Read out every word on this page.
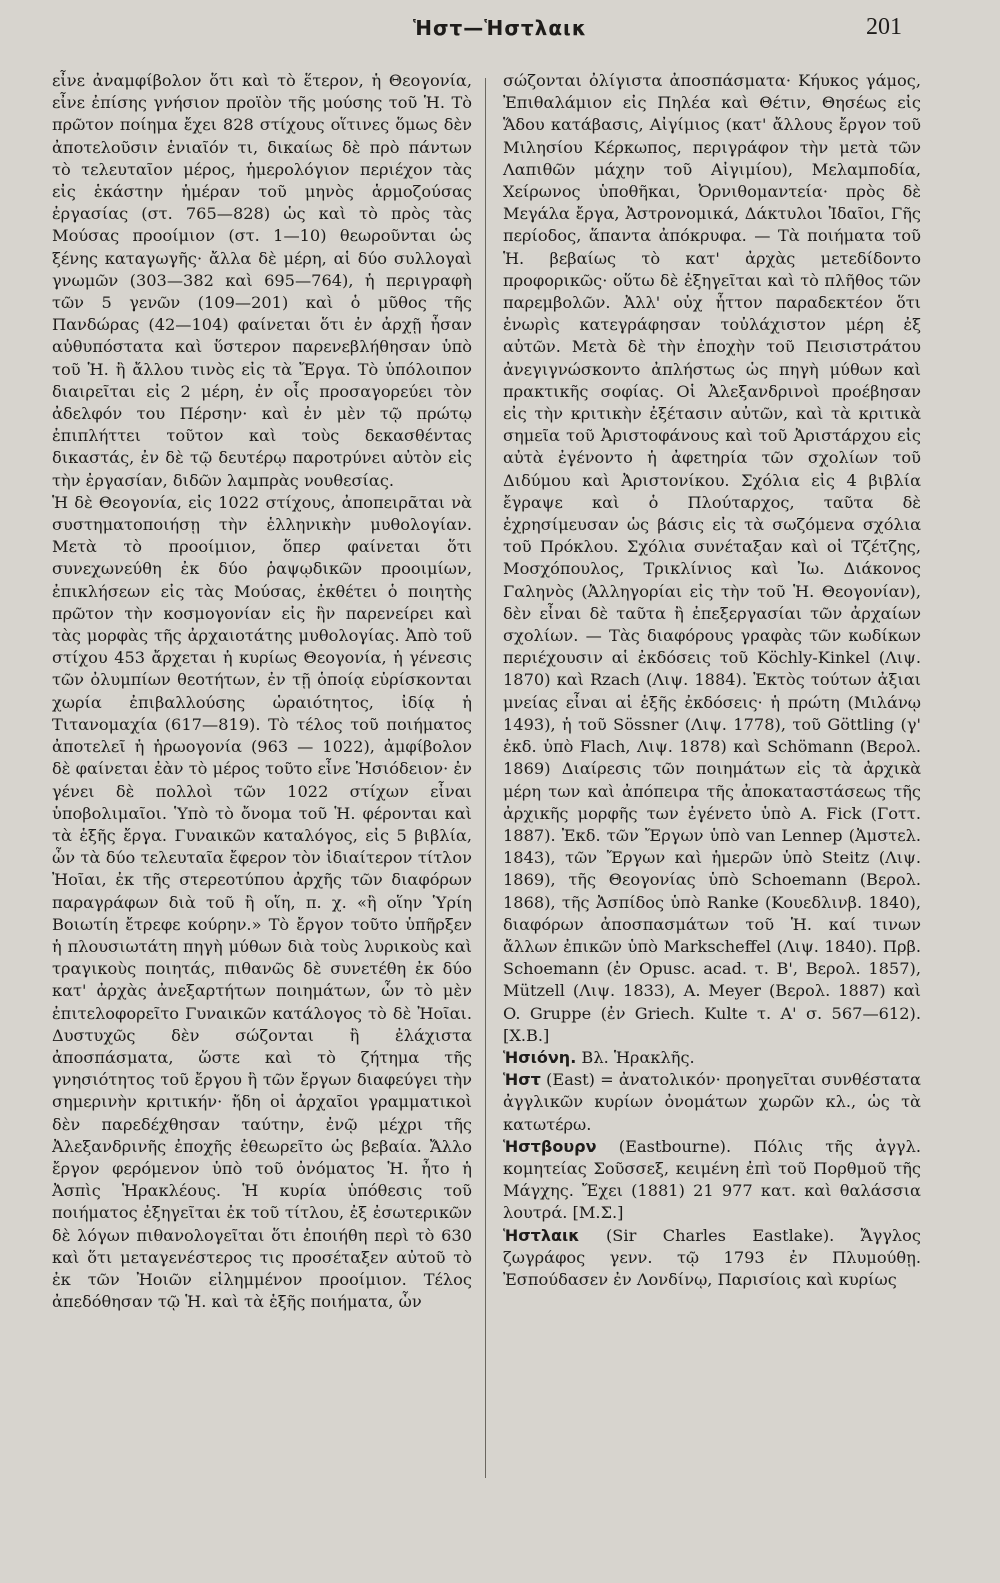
Ἡστ—Ἡστλαικ	201

εἶνε ἀναμφίβολον ὅτι καὶ τὸ ἕτερον, ἡ Θεογονία, εἶνε ἐπίσης γνήσιον προϊὸν τῆς μούσης τοῦ Ἡ. Τὸ πρῶτον ποίημα ἔχει 828 στίχους οἵτινες ὅμως δὲν ἀποτελοῦσιν ἑνιαῖόν τι, δικαίως δὲ πρὸ πάντων τὸ τελευταῖον μέρος, ἡμερολόγιον περιέχον τὰς εἰς ἑκάστην ἡμέραν τοῦ μηνὸς ἁρμοζούσας ἐργασίας (στ. 765—828) ὡς καὶ τὸ πρὸς τὰς Μούσας προοίμιον (στ. 1—10) θεωροῦνται ὡς ξένης καταγωγῆς· ἄλλα δὲ μέρη, αἱ δύο συλλογαὶ γνωμῶν (303—382 καὶ 695—764), ἡ περιγραφὴ τῶν 5 γενῶν (109—201) καὶ ὁ μῦθος τῆς Πανδώρας (42—104) φαίνεται ὅτι ἐν ἀρχῇ ἦσαν αὐθυπόστατα καὶ ὕστερον παρενεβλήθησαν ὑπὸ τοῦ Ἡ. ἢ ἄλλου τινὸς εἰς τὰ Ἔργα. Τὸ ὑπόλοιπον διαιρεῖται εἰς 2 μέρη, ἐν οἷς προσαγορεύει τὸν ἀδελφόν του Πέρσην· καὶ ἐν μὲν τῷ πρώτῳ ἐπιπλήττει τοῦτον καὶ τοὺς δεκασθέντας δικαστάς, ἐν δὲ τῷ δευτέρῳ παροτρύνει αὐτὸν εἰς τὴν ἐργασίαν, διδῶν λαμπρὰς νουθεσίας.

Ἡ δὲ Θεογονία, εἰς 1022 στίχους, ἀποπειρᾶται νὰ συστηματοποιήσῃ τὴν ἑλληνικὴν μυθολογίαν. Μετὰ τὸ προοίμιον, ὅπερ φαίνεται ὅτι συνεχωνεύθη ἐκ δύο ῥαψῳδικῶν προοιμίων, ἐπικλήσεων εἰς τὰς Μούσας, ἐκθέτει ὁ ποιητὴς πρῶτον τὴν κοσμογονίαν εἰς ἣν παρενείρει καὶ τὰς μορφὰς τῆς ἀρχαιοτάτης μυθολογίας. Ἀπὸ τοῦ στίχου 453 ἄρχεται ἡ κυρίως Θεογονία, ἡ γένεσις τῶν ὀλυμπίων θεοτήτων, ἐν τῇ ὁποίᾳ εὑρίσκονται χωρία ἐπιβαλλούσης ὡραιότητος, ἰδίᾳ ἡ Τιτανομαχία (617—819). Τὸ τέλος τοῦ ποιήματος ἀποτελεῖ ἡ ἡρωογονία (963 — 1022), ἀμφίβολον δὲ φαίνεται ἐὰν τὸ μέρος τοῦτο εἶνε Ἡσιόδειον· ἐν γένει δὲ πολλοὶ τῶν 1022 στίχων εἶναι ὑποβολιμαῖοι. Ὑπὸ τὸ ὄνομα τοῦ Ἡ. φέρονται καὶ τὰ ἑξῆς ἔργα. Γυναικῶν καταλόγος, εἰς 5 βιβλία, ὧν τὰ δύο τελευταῖα ἔφερον τὸν ἰδιαίτερον τίτλον Ἠοῖαι, ἐκ τῆς στερεοτύπου ἀρχῆς τῶν διαφόρων παραγράφων διὰ τοῦ ἢ οἵη, π. χ. «ἢ οἵην Ὑρίη Βοιωτίη ἔτρεφε κούρην.» Τὸ ἔργον τοῦτο ὑπῆρξεν ἡ πλουσιωτάτη πηγὴ μύθων διὰ τοὺς λυρικοὺς καὶ τραγικοὺς ποιητάς, πιθανῶς δὲ συνετέθη ἐκ δύο κατ' ἀρχὰς ἀνεξαρτήτων ποιημάτων, ὧν τὸ μὲν ἐπιτελοφορεῖτο Γυναικῶν κατάλογος τὸ δὲ Ἠοῖαι. Δυστυχῶς δὲν σώζονται ἢ ἐλάχιστα ἀποσπάσματα, ὥστε καὶ τὸ ζήτημα τῆς γνησιότητος τοῦ ἔργου ἢ τῶν ἔργων διαφεύγει τὴν σημερινὴν κριτικήν· ἤδη οἱ ἀρχαῖοι γραμματικοὶ δὲν παρεδέχθησαν ταύτην, ἐνῷ μέχρι τῆς Ἀλεξανδρινῆς ἐποχῆς ἐθεωρεῖτο ὡς βεβαία. Ἄλλο ἔργον φερόμενον ὑπὸ τοῦ ὀνόματος Ἡ. ἦτο ἡ Ἀσπὶς Ἡρακλέους. Ἡ κυρία ὑπόθεσις τοῦ ποιήματος ἐξηγεῖται ἐκ τοῦ τίτλου, ἐξ ἐσωτερικῶν δὲ λόγων πιθανολογεῖται ὅτι ἐποιήθη περὶ τὸ 630 καὶ ὅτι μεταγενέστερος τις προσέταξεν αὐτοῦ τὸ ἐκ τῶν Ἠοιῶν εἰλημμένον προοίμιον. Τέλος ἀπεδόθησαν τῷ Ἡ. καὶ τὰ ἑξῆς ποιήματα, ὧν

σώζονται ὀλίγιστα ἀποσπάσματα· Κήυκος γάμος, Ἐπιθαλάμιον εἰς Πηλέα καὶ Θέτιν, Θησέως εἰς Ἅδου κατάβασις, Αἰγίμιος (κατ' ἄλλους ἔργον τοῦ Μιλησίου Κέρκωπος, περιγράφον τὴν μετὰ τῶν Λαπιθῶν μάχην τοῦ Αἰγιμίου), Μελαμποδία, Χείρωνος ὑποθῆκαι, Ὀρνιθομαντεία· πρὸς δὲ Μεγάλα ἔργα, Ἀστρονομικά, Δάκτυλοι Ἰδαῖοι, Γῆς περίοδος, ἅπαντα ἀπόκρυφα. — Τὰ ποιήματα τοῦ Ἡ. βεβαίως τὸ κατ' ἀρχὰς μετεδίδοντο προφορικῶς· οὕτω δὲ ἐξηγεῖται καὶ τὸ πλῆθος τῶν παρεμβολῶν. Ἀλλ' οὐχ ἧττον παραδεκτέον ὅτι ἐνωρὶς κατεγράφησαν τοὐλάχιστον μέρη ἐξ αὐτῶν. Μετὰ δὲ τὴν ἐποχὴν τοῦ Πεισιστράτου ἀνεγιγνώσκοντο ἀπλήστως ὡς πηγὴ μύθων καὶ πρακτικῆς σοφίας. Οἱ Ἀλεξανδρινοὶ προέβησαν εἰς τὴν κριτικὴν ἐξέτασιν αὐτῶν, καὶ τὰ κριτικὰ σημεῖα τοῦ Ἀριστοφάνους καὶ τοῦ Ἀριστάρχου εἰς αὐτὰ ἐγένοντο ἡ ἀφετηρία τῶν σχολίων τοῦ Διδύμου καὶ Ἀριστονίκου. Σχόλια εἰς 4 βιβλία ἔγραψε καὶ ὁ Πλούταρχος, ταῦτα δὲ ἐχρησίμευσαν ὡς βάσις εἰς τὰ σωζόμενα σχόλια τοῦ Πρόκλου. Σχόλια συνέταξαν καὶ οἱ Τζέτζης, Μοσχόπουλος, Τρικλίνιος καὶ Ἰω. Διάκονος Γαληνὸς (Ἀλληγορίαι εἰς τὴν τοῦ Ἡ. Θεογονίαν), δὲν εἶναι δὲ ταῦτα ἢ ἐπεξεργασίαι τῶν ἀρχαίων σχολίων. — Τὰς διαφόρους γραφὰς τῶν κωδίκων περιέχουσιν αἱ ἐκδόσεις τοῦ Köchly-Kinkel (Λιψ. 1870) καὶ Rzach (Λιψ. 1884). Ἐκτὸς τούτων ἀξιαι μνείας εἶναι αἱ ἑξῆς ἐκδόσεις· ἡ πρώτη (Μιλάνῳ 1493), ἡ τοῦ Sössner (Λιψ. 1778), τοῦ Göttling (γ' ἐκδ. ὑπὸ Flach, Λιψ. 1878) καὶ Schömann (Βερολ. 1869) Διαίρεσις τῶν ποιημάτων εἰς τὰ ἀρχικὰ μέρη των καὶ ἀπόπειρα τῆς ἀποκαταστάσεως τῆς ἀρχικῆς μορφῆς των ἐγένετο ὑπὸ A. Fick (Γοττ. 1887). Ἐκδ. τῶν Ἔργων ὑπὸ van Lennep (Ἀμστελ. 1843), τῶν Ἔργων καὶ ἡμερῶν ὑπὸ Steitz (Λιψ. 1869), τῆς Θεογονίας ὑπὸ Schoemann (Βερολ. 1868), τῆς Ἀσπίδος ὑπὸ Ranke (Κουεδλινβ. 1840), διαφόρων ἀποσπασμάτων τοῦ Ἡ. καί τινων ἄλλων ἐπικῶν ὑπὸ Markscheffel (Λιψ. 1840). Πρβ. Schoemann (ἐν Opusc. acad. τ. Β', Βερολ. 1857), Mützell (Λιψ. 1833), A. Meyer (Βερολ. 1887) καὶ O. Gruppe (ἐν Griech. Kulte τ. Α' σ. 567—612). [Χ.Β.]

Ἡσιόνη. Βλ. Ἡρακλῆς.

Ἡστ (East) = ἀνατολικόν· προηγεῖται συνθέστατα ἀγγλικῶν κυρίων ὀνομάτων χωρῶν κλ., ὡς τὰ κατωτέρω.

Ἡστβουρν (Eastbourne). Πόλις τῆς ἀγγλ. κομητείας Σοῦσσεξ, κειμένη ἐπὶ τοῦ Πορθμοῦ τῆς Μάγχης. Ἔχει (1881) 21 977 κατ. καὶ θαλάσσια λουτρά. [Μ.Σ.]

Ἡστλαικ (Sir Charles Eastlake). Ἄγγλος ζωγράφος γενν. τῷ 1793 ἐν Πλυμούθῃ. Ἐσπούδασεν ἐν Λονδίνῳ, Παρισίοις καὶ κυρίως
